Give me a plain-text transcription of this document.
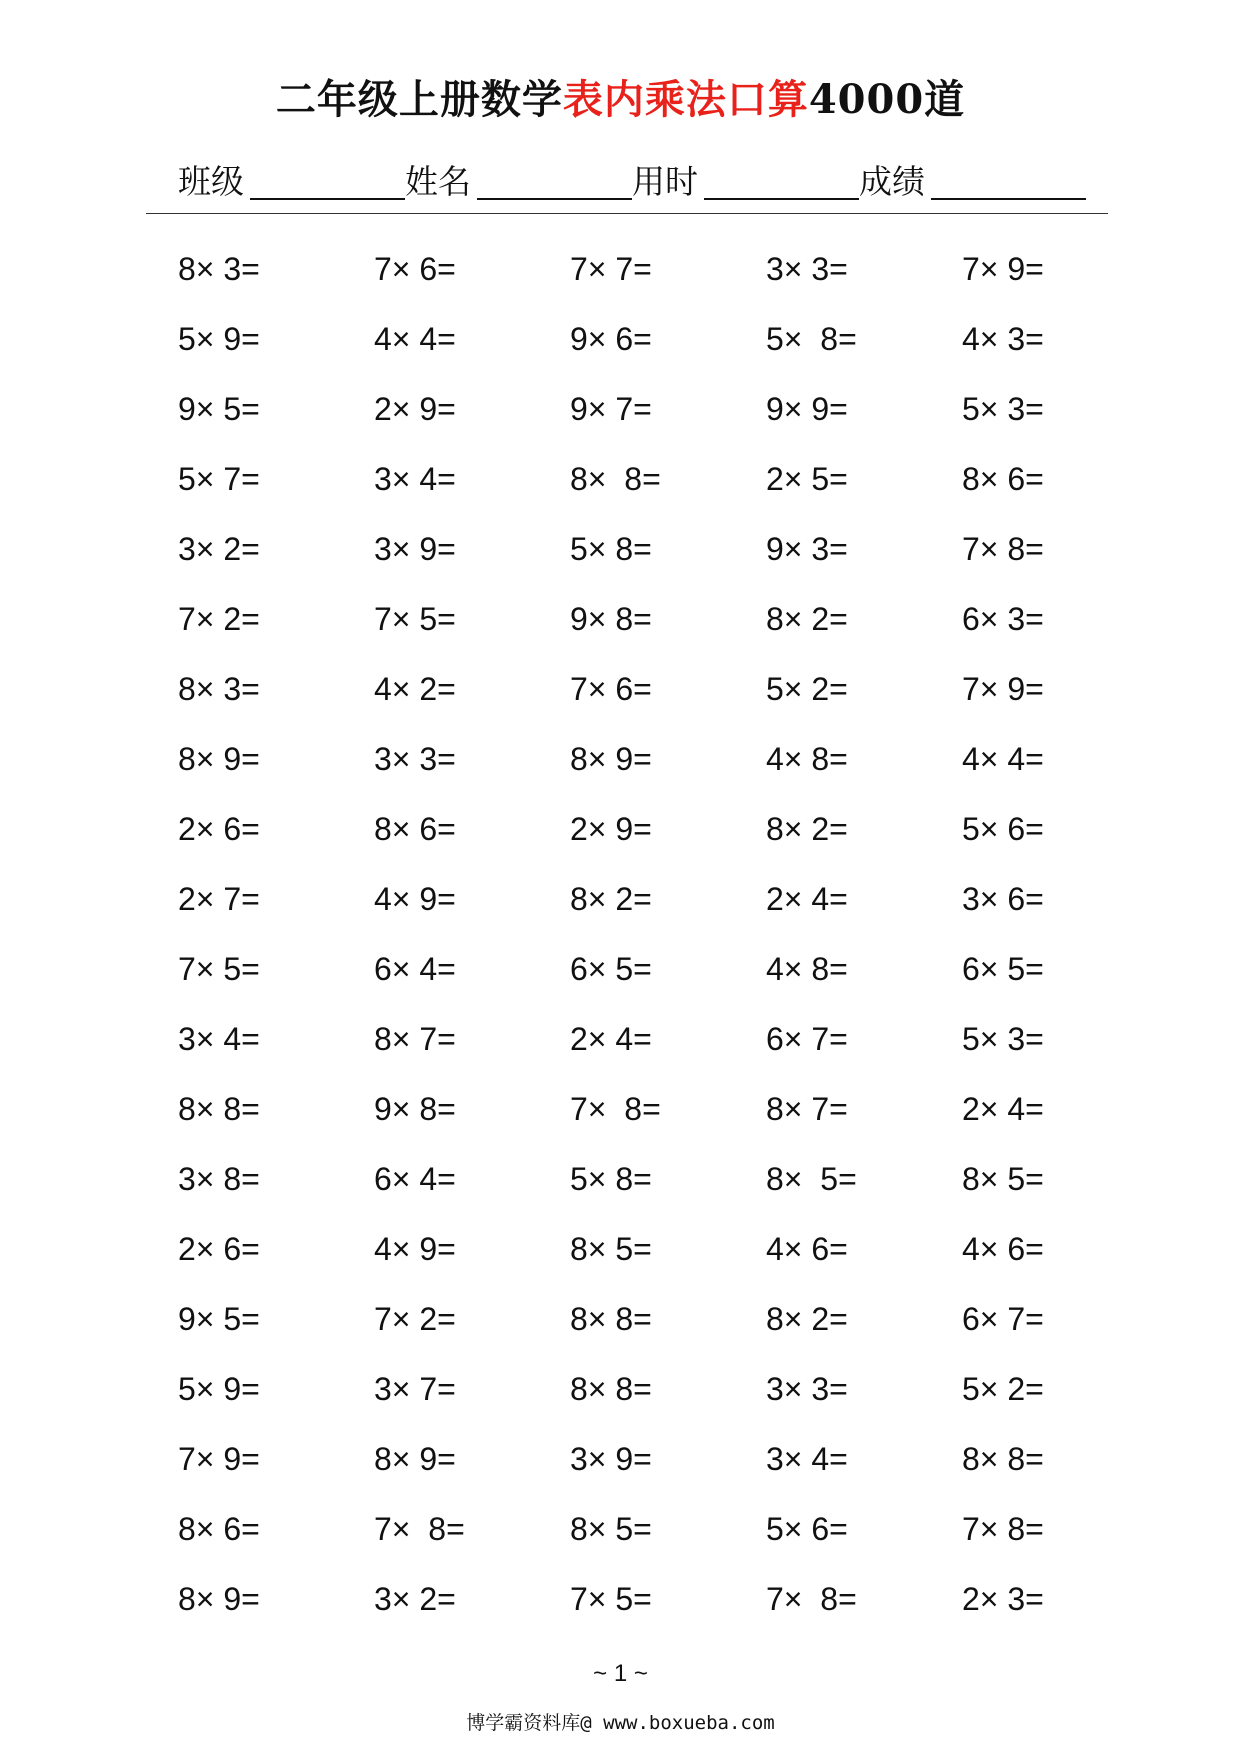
二年级上册数学表内乘法口算4000道
班级	姓名	用时	成绩
8× 3=	7× 6=	7× 7=	3× 3=	7× 9=
5× 9=	4× 4=	9× 6=	5×  8=	4× 3=
9× 5=	2× 9=	9× 7=	9× 9=	5× 3=
5× 7=	3× 4=	8×  8=	2× 5=	8× 6=
3× 2=	3× 9=	5× 8=	9× 3=	7× 8=
7× 2=	7× 5=	9× 8=	8× 2=	6× 3=
8× 3=	4× 2=	7× 6=	5× 2=	7× 9=
8× 9=	3× 3=	8× 9=	4× 8=	4× 4=
2× 6=	8× 6=	2× 9=	8× 2=	5× 6=
2× 7=	4× 9=	8× 2=	2× 4=	3× 6=
7× 5=	6× 4=	6× 5=	4× 8=	6× 5=
3× 4=	8× 7=	2× 4=	6× 7=	5× 3=
8× 8=	9× 8=	7×  8=	8× 7=	2× 4=
3× 8=	6× 4=	5× 8=	8×  5=	8× 5=
2× 6=	4× 9=	8× 5=	4× 6=	4× 6=
9× 5=	7× 2=	8× 8=	8× 2=	6× 7=
5× 9=	3× 7=	8× 8=	3× 3=	5× 2=
7× 9=	8× 9=	3× 9=	3× 4=	8× 8=
8× 6=	7×  8=	8× 5=	5× 6=	7× 8=
8× 9=	3× 2=	7× 5=	7×  8=	2× 3=
~ 1 ~
博学霸资料库@ www.boxueba.com
